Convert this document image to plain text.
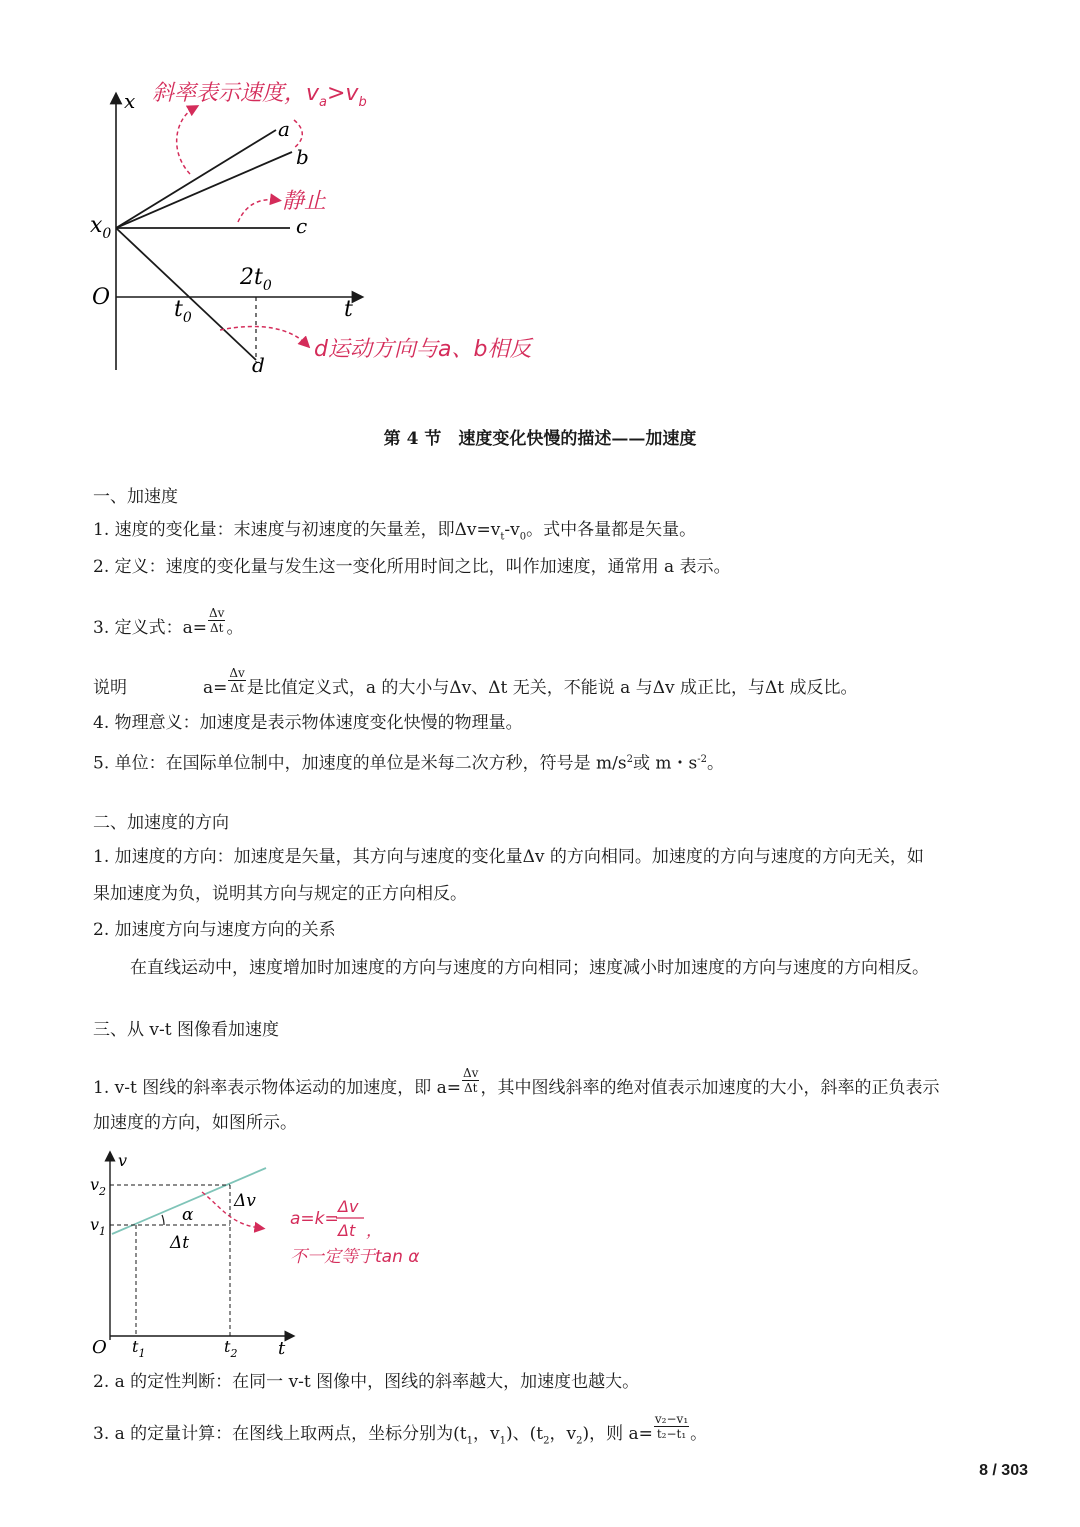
x
t
O
$x_0$
$t_0$
$2t_0$
a
b
c
d
斜率表示速度，$v_a>v_b$
静止
d运动方向与a、b相反
第 4 节　速度变化快慢的描述——加速度
一、加速度
1. 速度的变化量：末速度与初速度的矢量差，即$\Delta v=v_t-v_0$。式中各量都是矢量。
2. 定义：速度的变化量与发生这一变化所用时间之比，叫作加速度，通常用 a 表示。
3. 定义式：$a= \frac{\Delta v}{\Delta t}$ 。
说明	$a= \frac{\Delta v}{\Delta t}$ 是比值定义式，a 的大小与Δv、Δt 无关，不能说 a 与Δv 成正比，与Δt 成反比。
4. 物理意义：加速度是表示物体速度变化快慢的物理量。
5. 单位：在国际单位制中，加速度的单位是米每二次方秒，符号是 $m/s^2$或 m・$s^{-2}$。
二、加速度的方向
1. 加速度的方向：加速度是矢量，其方向与速度的变化量Δv 的方向相同。加速度的方向与速度的方向无关，如
果加速度为负，说明其方向与规定的正方向相反。
2. 加速度方向与速度方向的关系
在直线运动中，速度增加时加速度的方向与速度的方向相同；速度减小时加速度的方向与速度的方向相反。
三、从 v-t 图像看加速度
1. v-t 图线的斜率表示物体运动的加速度，即 $a= \frac{\Delta v}{\Delta t}$ ，其中图线斜率的绝对值表示加速度的大小，斜率的正负表示
加速度的方向，如图所示。
v
t
O
$v_2$
$v_1$
$t_1$	$t_2$
α
Δv
Δt
a=k=
Δv
Δt ，
不一定等于tan α
2. a 的定性判断：在同一 v-t 图像中，图线的斜率越大，加速度也越大。
3. a 的定量计算：在图线上取两点，坐标分别为($t_1$，$v_1$)、($t_2$，$v_2$)，则 $a= \frac{\text{v₂−v₁}}{\text{t₂−t₁}}$ 。
8 / 303
